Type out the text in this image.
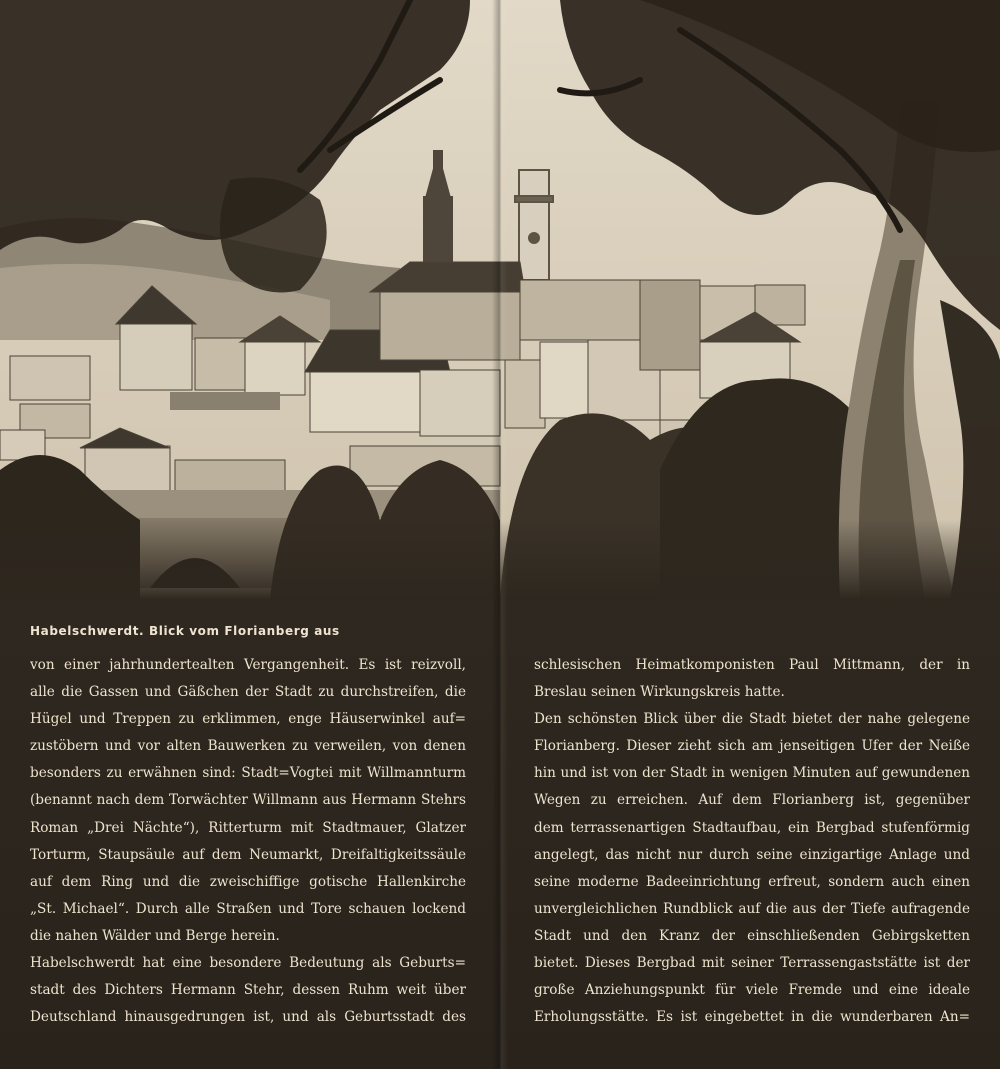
Habelschwerdt. Blick vom Florianberg aus
von einer jahrhundertealten Vergangenheit. Es ist reizvoll,
alle die Gassen und Gäßchen der Stadt zu durchstreifen, die
Hügel und Treppen zu erklimmen, enge Häuserwinkel auf=
zustöbern und vor alten Bauwerken zu verweilen, von denen
besonders zu erwähnen sind: Stadt=Vogtei mit Willmannturm
(benannt nach dem Torwächter Willmann aus Hermann Stehrs
Roman „Drei Nächte“), Ritterturm mit Stadtmauer, Glatzer
Torturm, Staupsäule auf dem Neumarkt, Dreifaltigkeitssäule
auf dem Ring und die zweischiffige gotische Hallenkirche
„St. Michael“. Durch alle Straßen und Tore schauen lockend
die nahen Wälder und Berge herein.
Habelschwerdt hat eine besondere Bedeutung als Geburts=
stadt des Dichters Hermann Stehr, dessen Ruhm weit über
Deutschland hinausgedrungen ist, und als Geburtsstadt des
schlesischen Heimatkomponisten Paul Mittmann, der in
Breslau seinen Wirkungskreis hatte.
Den schönsten Blick über die Stadt bietet der nahe gelegene
Florianberg. Dieser zieht sich am jenseitigen Ufer der Neiße
hin und ist von der Stadt in wenigen Minuten auf gewundenen
Wegen zu erreichen. Auf dem Florianberg ist, gegenüber
dem terrassenartigen Stadtaufbau, ein Bergbad stufenförmig
angelegt, das nicht nur durch seine einzigartige Anlage und
seine moderne Badeeinrichtung erfreut, sondern auch einen
unvergleichlichen Rundblick auf die aus der Tiefe aufragende
Stadt und den Kranz der einschließenden Gebirgsketten
bietet. Dieses Bergbad mit seiner Terrassengaststätte ist der
große Anziehungspunkt für viele Fremde und eine ideale
Erholungsstätte. Es ist eingebettet in die wunderbaren An=
